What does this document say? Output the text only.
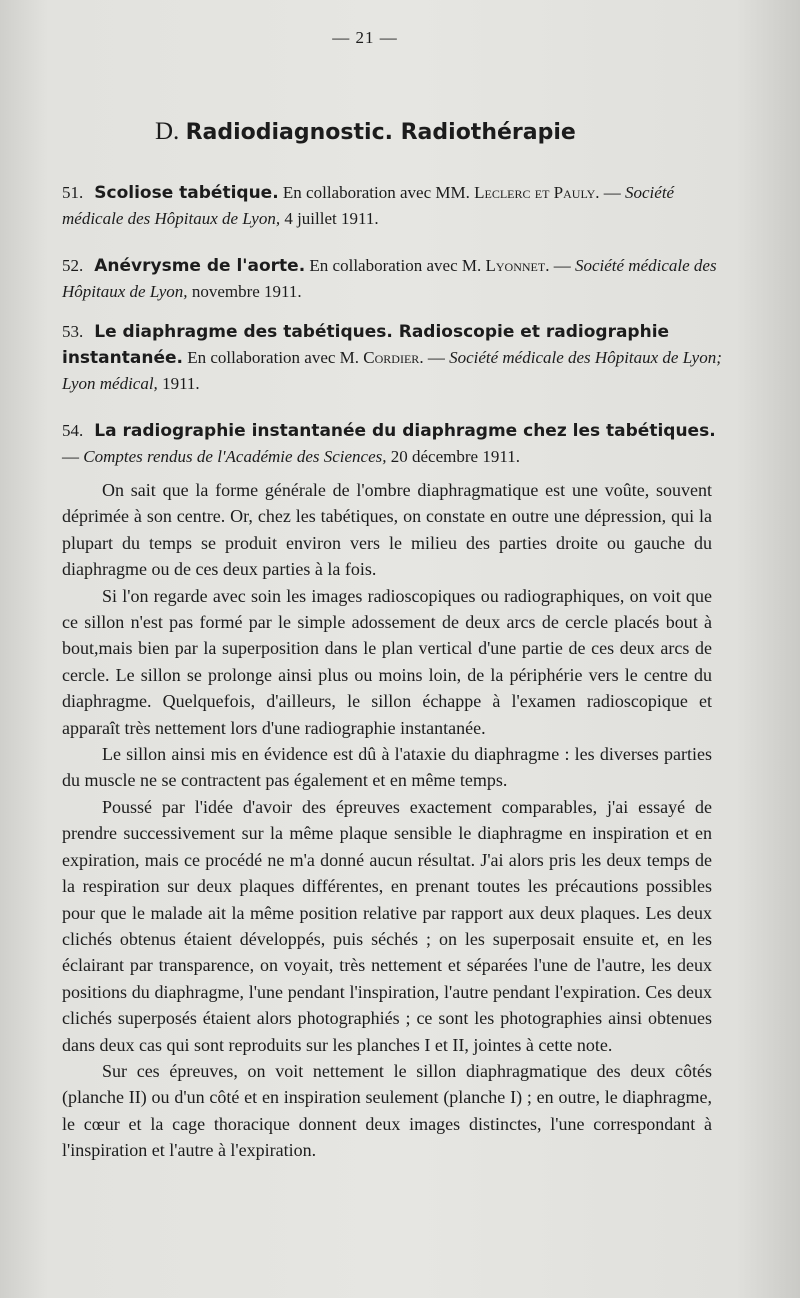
— 21 —
D. Radiodiagnostic. Radiothérapie
51. Scoliose tabétique. En collaboration avec MM. Leclerc et Pauly. — Société médicale des Hôpitaux de Lyon, 4 juillet 1911.
52. Anévrysme de l'aorte. En collaboration avec M. Lyonnet. — Société médicale des Hôpitaux de Lyon, novembre 1911.
53. Le diaphragme des tabétiques. Radioscopie et radiographie instantanée. En collaboration avec M. Cordier. — Société médicale des Hôpitaux de Lyon; Lyon médical, 1911.
54. La radiographie instantanée du diaphragme chez les tabétiques. — Comptes rendus de l'Académie des Sciences, 20 décembre 1911.

On sait que la forme générale de l'ombre diaphragmatique est une voûte, souvent déprimée à son centre. Or, chez les tabétiques, on constate en outre une dépression, qui la plupart du temps se produit environ vers le milieu des parties droite ou gauche du diaphragme ou de ces deux parties à la fois.

Si l'on regarde avec soin les images radioscopiques ou radiographiques, on voit que ce sillon n'est pas formé par le simple adossement de deux arcs de cercle placés bout à bout,mais bien par la superposition dans le plan vertical d'une partie de ces deux arcs de cercle. Le sillon se prolonge ainsi plus ou moins loin, de la périphérie vers le centre du diaphragme. Quelquefois, d'ailleurs, le sillon échappe à l'examen radioscopique et apparaît très nettement lors d'une radiographie instantanée.

Le sillon ainsi mis en évidence est dû à l'ataxie du diaphragme : les diverses parties du muscle ne se contractent pas également et en même temps.

Poussé par l'idée d'avoir des épreuves exactement comparables, j'ai essayé de prendre successivement sur la même plaque sensible le diaphragme en inspiration et en expiration, mais ce procédé ne m'a donné aucun résultat. J'ai alors pris les deux temps de la respiration sur deux plaques différentes, en prenant toutes les précautions possibles pour que le malade ait la même position relative par rapport aux deux plaques. Les deux clichés obtenus étaient développés, puis séchés ; on les superposait ensuite et, en les éclairant par transparence, on voyait, très nettement et séparées l'une de l'autre, les deux positions du diaphragme, l'une pendant l'inspiration, l'autre pendant l'expiration. Ces deux clichés superposés étaient alors photographiés ; ce sont les photographies ainsi obtenues dans deux cas qui sont reproduits sur les planches I et II, jointes à cette note.

Sur ces épreuves, on voit nettement le sillon diaphragmatique des deux côtés (planche II) ou d'un côté et en inspiration seulement (planche I) ; en outre, le diaphragme, le cœur et la cage thoracique donnent deux images distinctes, l'une correspondant à l'inspiration et l'autre à l'expiration.
